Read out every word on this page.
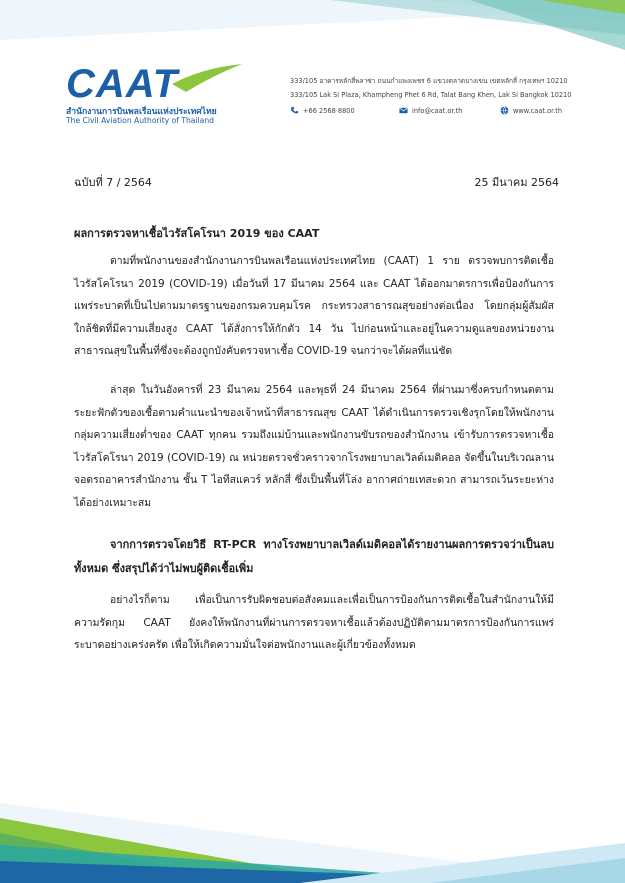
CAAT
สำนักงานการบินพลเรือนแห่งประเทศไทย
The Civil Aviation Authority of Thailand
333/105 อาคารหลักสี่พลาซ่า ถนนกำแพงเพชร 6 แขวงตลาดบางเขน เขตหลักสี่ กรุงเทพฯ 10210
333/105 Lak Si Plaza, Khampheng Phet 6 Rd, Talat Bang Khen, Lak Si Bangkok 10210
+66 2568 8800	info@caat.or.th	www.caat.or.th
ฉบับที่ 7 / 2564	25 มีนาคม 2564
ผลการตรวจหาเชื้อไวรัสโคโรนา 2019 ของ CAAT

ตามที่พนักงานของสำนักงานการบินพลเรือนแห่งประเทศไทย (CAAT) 1 ราย ตรวจพบการติดเชื้อไวรัสโคโรนา 2019 (COVID-19) เมื่อวันที่ 17 มีนาคม 2564 และ CAAT ได้ออกมาตรการเพื่อป้องกันการแพร่ระบาดที่เป็นไปตามมาตรฐานของกรมควบคุมโรค กระทรวงสาธารณสุขอย่างต่อเนื่อง โดยกลุ่มผู้สัมผัสใกล้ชิดที่มีความเสี่ยงสูง CAAT ได้สั่งการให้กักตัว 14 วัน ไปก่อนหน้าและอยู่ในความดูแลของหน่วยงานสาธารณสุขในพื้นที่ซึ่งจะต้องถูกบังคับตรวจหาเชื้อ COVID-19 จนกว่าจะได้ผลที่แน่ชัด

ล่าสุด ในวันอังคารที่ 23 มีนาคม 2564 และพุธที่ 24 มีนาคม 2564 ที่ผ่านมาซึ่งครบกำหนดตามระยะฟักตัวของเชื้อตามคำแนะนำของเจ้าหน้าที่สาธารณสุข CAAT ได้ดำเนินการตรวจเชิงรุกโดยให้พนักงานกลุ่มความเสี่ยงต่ำของ CAAT ทุกคน รวมถึงแม่บ้านและพนักงานขับรถของสำนักงาน เข้ารับการตรวจหาเชื้อไวรัสโคโรนา 2019 (COVID-19) ณ หน่วยตรวจชั่วคราวจากโรงพยาบาลเวิลด์เมดิคอล จัดขึ้นในบริเวณลานจอดรถอาคารสำนักงาน ชั้น T ไอทีสแควร์ หลักสี่ ซึ่งเป็นพื้นที่โล่ง อากาศถ่ายเทสะดวก สามารถเว้นระยะห่างได้อย่างเหมาะสม

จากการตรวจโดยวิธี RT-PCR ทางโรงพยาบาลเวิลด์เมดิคอลได้รายงานผลการตรวจว่าเป็นลบทั้งหมด ซึ่งสรุปได้ว่าไม่พบผู้ติดเชื้อเพิ่ม

อย่างไรก็ตาม เพื่อเป็นการรับผิดชอบต่อสังคมและเพื่อเป็นการป้องกันการติดเชื้อในสำนักงานให้มีความรัดกุม CAAT ยังคงให้พนักงานที่ผ่านการตรวจหาเชื้อแล้วต้องปฏิบัติตามมาตรการป้องกันการแพร่ระบาดอย่างเคร่งครัด เพื่อให้เกิดความมั่นใจต่อพนักงานและผู้เกี่ยวข้องทั้งหมด
